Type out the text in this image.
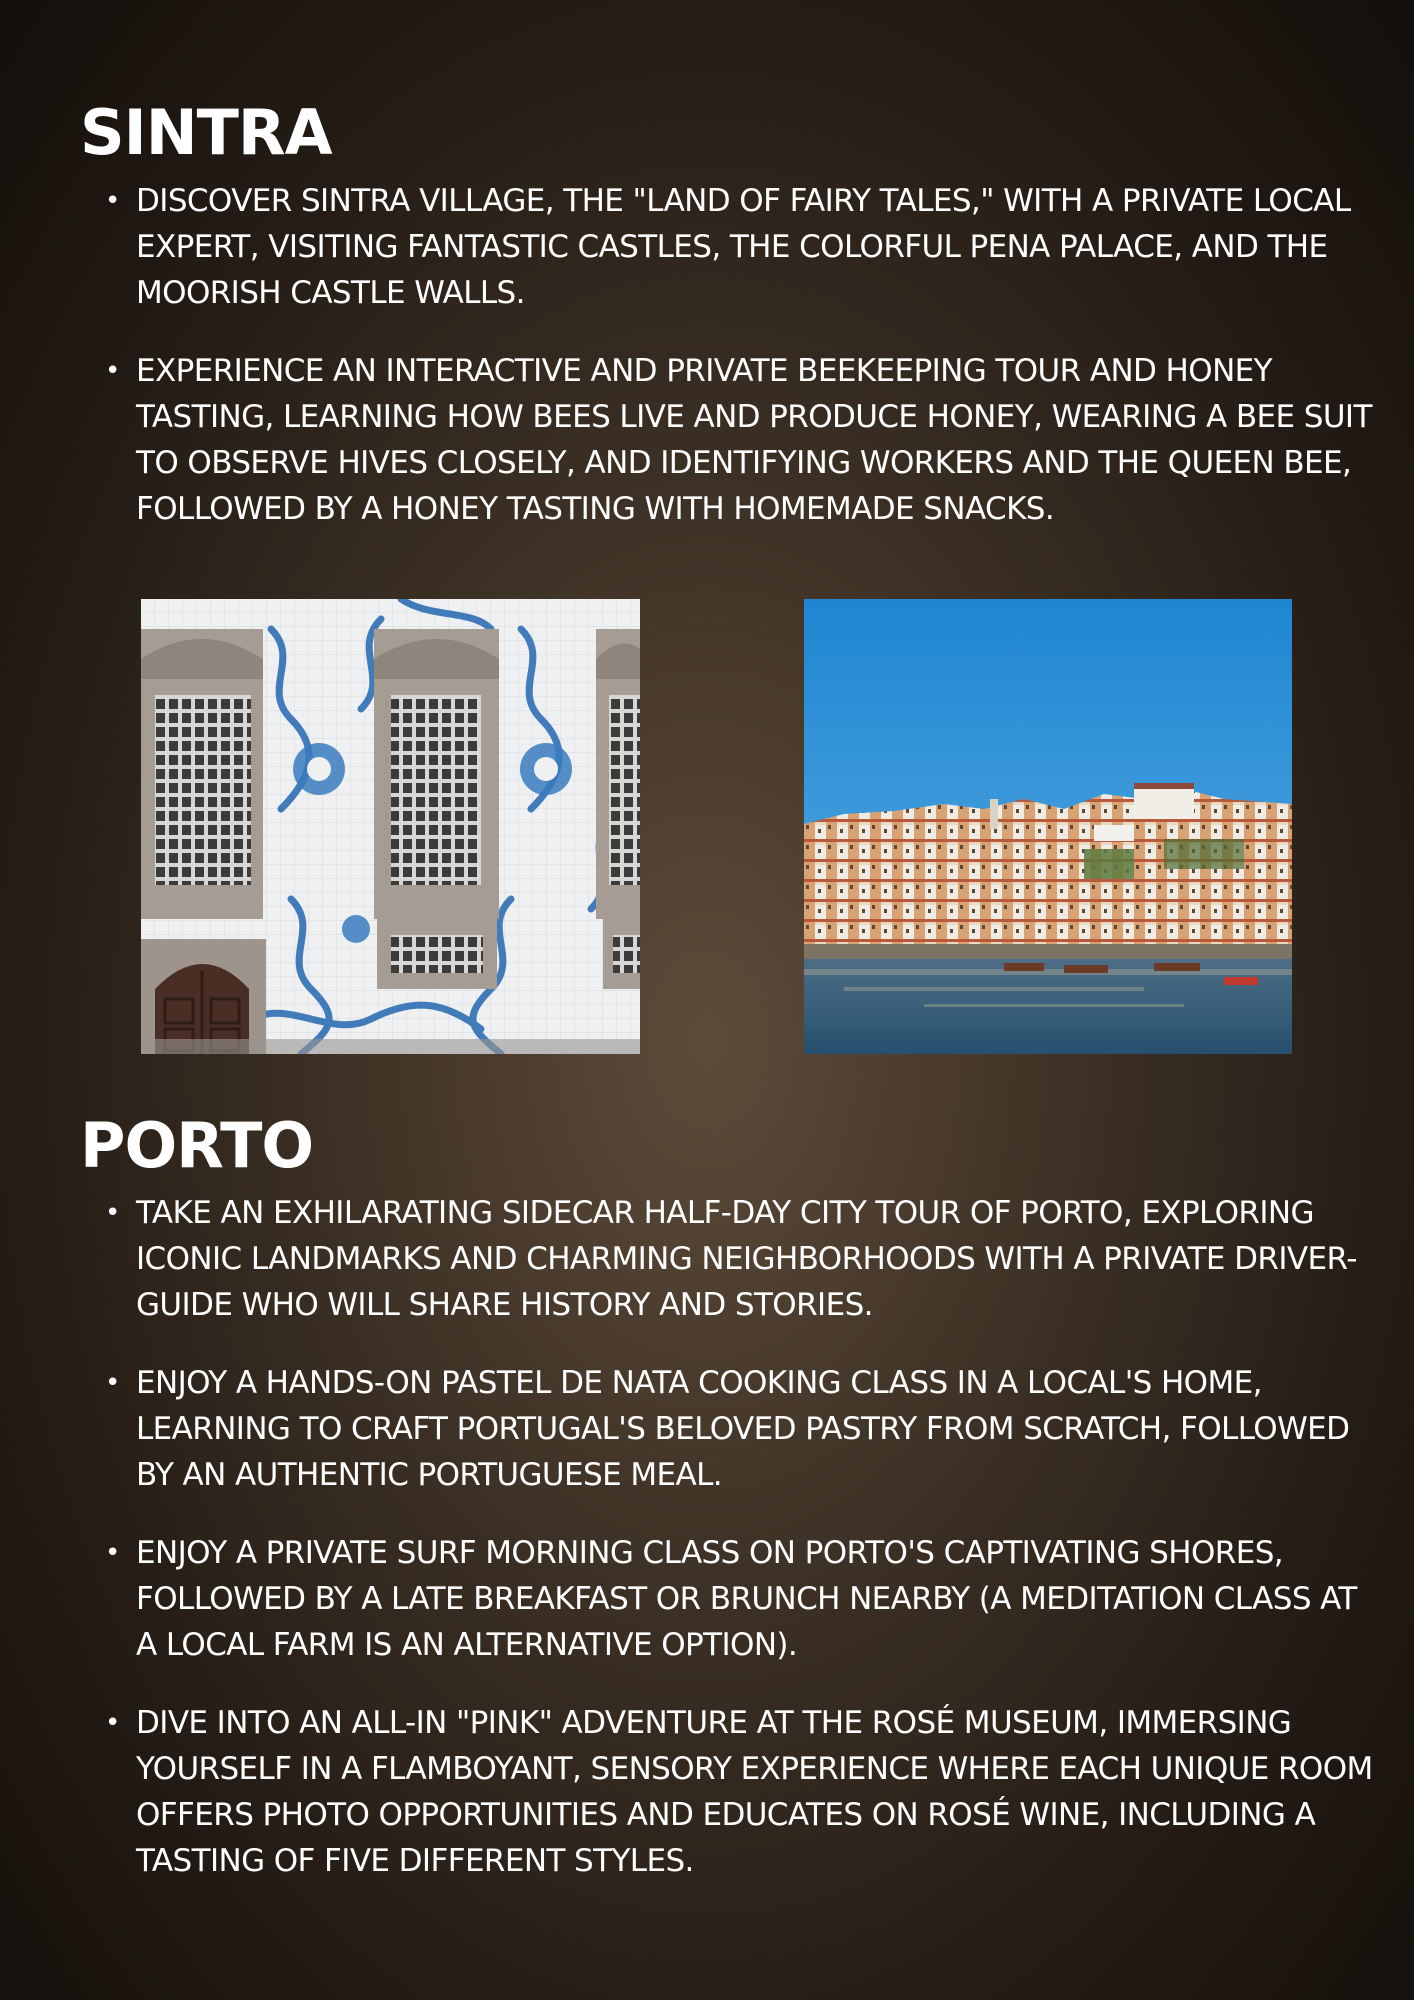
SINTRA
• DISCOVER SINTRA VILLAGE, THE "LAND OF FAIRY TALES," WITH A PRIVATE LOCAL EXPERT, VISITING FANTASTIC CASTLES, THE COLORFUL PENA PALACE, AND THE MOORISH CASTLE WALLS.
• EXPERIENCE AN INTERACTIVE AND PRIVATE BEEKEEPING TOUR AND HONEY TASTING, LEARNING HOW BEES LIVE AND PRODUCE HONEY, WEARING A BEE SUIT TO OBSERVE HIVES CLOSELY, AND IDENTIFYING WORKERS AND THE QUEEN BEE, FOLLOWED BY A HONEY TASTING WITH HOMEMADE SNACKS.
PORTO
• TAKE AN EXHILARATING SIDECAR HALF-DAY CITY TOUR OF PORTO, EXPLORING ICONIC LANDMARKS AND CHARMING NEIGHBORHOODS WITH A PRIVATE DRIVER-GUIDE WHO WILL SHARE HISTORY AND STORIES.
• ENJOY A HANDS-ON PASTEL DE NATA COOKING CLASS IN A LOCAL'S HOME, LEARNING TO CRAFT PORTUGAL'S BELOVED PASTRY FROM SCRATCH, FOLLOWED BY AN AUTHENTIC PORTUGUESE MEAL.
• ENJOY A PRIVATE SURF MORNING CLASS ON PORTO'S CAPTIVATING SHORES, FOLLOWED BY A LATE BREAKFAST OR BRUNCH NEARBY (A MEDITATION CLASS AT A LOCAL FARM IS AN ALTERNATIVE OPTION).
• DIVE INTO AN ALL-IN "PINK" ADVENTURE AT THE ROSÉ MUSEUM, IMMERSING YOURSELF IN A FLAMBOYANT, SENSORY EXPERIENCE WHERE EACH UNIQUE ROOM OFFERS PHOTO OPPORTUNITIES AND EDUCATES ON ROSÉ WINE, INCLUDING A TASTING OF FIVE DIFFERENT STYLES.
